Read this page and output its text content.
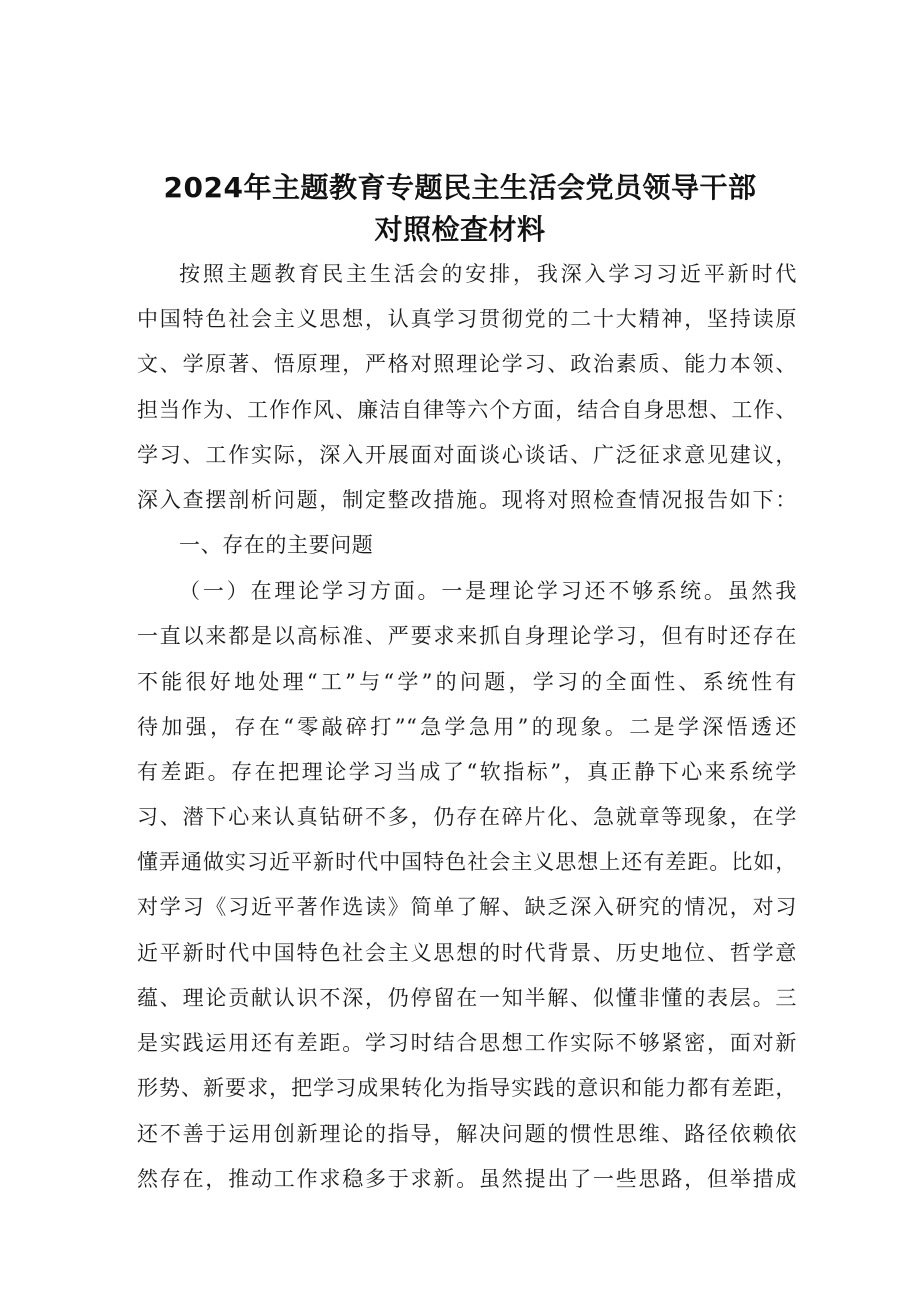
2024年主题教育专题民主生活会党员领导干部
对照检查材料
按照主题教育民主生活会的安排，我深入学习习近平新时代
中国特色社会主义思想，认真学习贯彻党的二十大精神，坚持读原
文、学原著、悟原理，严格对照理论学习、政治素质、能力本领、
担当作为、工作作风、廉洁自律等六个方面，结合自身思想、工作、
学习、工作实际，深入开展面对面谈心谈话、广泛征求意见建议，
深入查摆剖析问题，制定整改措施。现将对照检查情况报告如下：
一、存在的主要问题
（一）在理论学习方面。一是理论学习还不够系统。虽然我
一直以来都是以高标准、严要求来抓自身理论学习，但有时还存在
不能很好地处理“工”与“学”的问题，学习的全面性、系统性有
待加强，存在“零敲碎打”“急学急用”的现象。二是学深悟透还
有差距。存在把理论学习当成了“软指标”，真正静下心来系统学
习、潜下心来认真钻研不多，仍存在碎片化、急就章等现象，在学
懂弄通做实习近平新时代中国特色社会主义思想上还有差距。比如，
对学习《习近平著作选读》简单了解、缺乏深入研究的情况，对习
近平新时代中国特色社会主义思想的时代背景、历史地位、哲学意
蕴、理论贡献认识不深，仍停留在一知半解、似懂非懂的表层。三
是实践运用还有差距。学习时结合思想工作实际不够紧密，面对新
形势、新要求，把学习成果转化为指导实践的意识和能力都有差距，
还不善于运用创新理论的指导，解决问题的惯性思维、路径依赖依
然存在，推动工作求稳多于求新。虽然提出了一些思路，但举措成
